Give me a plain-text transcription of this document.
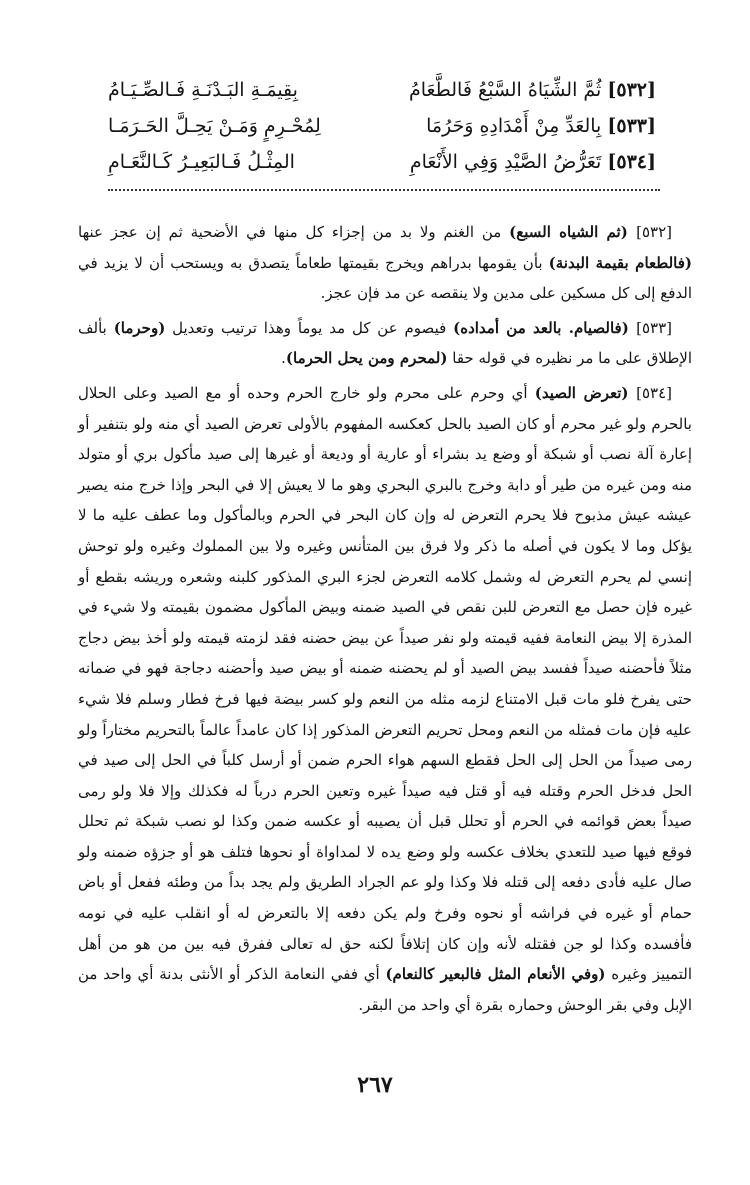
[٥٣٢] ثُمَّ الشِّيَاهُ السَّبْعُ فَالطَّعَامُ
بِقِيمَـةِ البَـدْنَـةِ فَـالصِّـيَـامُ
[٥٣٣] بِالعَدِّ مِنْ أَمْدَادِهِ وَحَرُمَا
لِمُحْـرِمٍ وَمَـنْ يَحِـلَّ الحَـرَمَـا
[٥٣٤] تَعَرُّضُ الصَّيْدِ وَفِي الأَنْعَامِ
المِثْـلُ فَـالبَعِيـرُ كَـالنَّعَـامِ

[٥٣٢] (ثم الشياه السبع) من الغنم ولا بد من إجزاء كل منها في الأضحية ثم إن عجز عنها (فالطعام بقيمة البدنة) بأن يقومها بدراهم ويخرج بقيمتها طعاماً يتصدق به ويستحب أن لا يزيد في الدفع إلى كل مسكين على مدين ولا ينقصه عن مد فإن عجز.

[٥٣٣] (فالصيام. بالعد من أمداده) فيصوم عن كل مد يوماً وهذا ترتيب وتعديل (وحرما) بألف الإطلاق على ما مر نظيره في قوله حقا (لمحرم ومن يحل الحرما).

[٥٣٤] (تعرض الصيد) أي وحرم على محرم ولو خارج الحرم وحده أو مع الصيد وعلى الحلال بالحرم ولو غير محرم أو كان الصيد بالحل كعكسه المفهوم بالأولى تعرض الصيد أي منه ولو بتنفير أو إعارة آلة نصب أو شبكة أو وضع يد بشراء أو عارية أو وديعة أو غيرها إلى صيد مأكول بري أو متولد منه ومن غيره من طير أو دابة وخرج بالبري البحري وهو ما لا يعيش إلا في البحر وإذا خرج منه يصير عيشه عيش مذبوح فلا يحرم التعرض له وإن كان البحر في الحرم وبالمأكول وما عطف عليه ما لا يؤكل وما لا يكون في أصله ما ذكر ولا فرق بين المتأنس وغيره ولا بين المملوك وغيره ولو توحش إنسي لم يحرم التعرض له وشمل كلامه التعرض لجزء البري المذكور كلبنه وشعره وريشه بقطع أو غيره فإن حصل مع التعرض للبن نقص في الصيد ضمنه وبيض المأكول مضمون بقيمته ولا شيء في المذرة إلا بيض النعامة ففيه قيمته ولو نفر صيداً عن بيض حضنه فقد لزمته قيمته ولو أخذ بيض دجاج مثلاً فأحضنه صيداً ففسد بيض الصيد أو لم يحضنه ضمنه أو بيض صيد وأحضنه دجاجة فهو في ضمانه حتى يفرخ فلو مات قبل الامتناع لزمه مثله من النعم ولو كسر بيضة فيها فرخ فطار وسلم فلا شيء عليه فإن مات فمثله من النعم ومحل تحريم التعرض المذكور إذا كان عامداً عالماً بالتحريم مختاراً ولو رمى صيداً من الحل إلى الحل فقطع السهم هواء الحرم ضمن أو أرسل كلباً في الحل إلى صيد في الحل فدخل الحرم وقتله فيه أو قتل فيه صيداً غيره وتعين الحرم درباً له فكذلك وإلا فلا ولو رمى صيداً بعض قوائمه في الحرم أو تحلل قبل أن يصيبه أو عكسه ضمن وكذا لو نصب شبكة ثم تحلل فوقع فيها صيد للتعدي بخلاف عكسه ولو وضع يده لا لمداواة أو نحوها فتلف هو أو جزؤه ضمنه ولو صال عليه فأدى دفعه إلى قتله فلا وكذا ولو عم الجراد الطريق ولم يجد بداً من وطئه ففعل أو باض حمام أو غيره في فراشه أو نحوه وفرخ ولم يكن دفعه إلا بالتعرض له أو انقلب عليه في نومه فأفسده وكذا لو جن فقتله لأنه وإن كان إتلافاً لكنه حق له تعالى ففرق فيه بين من هو من أهل التمييز وغيره (وفي الأنعام المثل فالبعير كالنعام) أي ففي النعامة الذكر أو الأنثى بدنة أي واحد من الإبل وفي بقر الوحش وحماره بقرة أي واحد من البقر.

٢٦٧
